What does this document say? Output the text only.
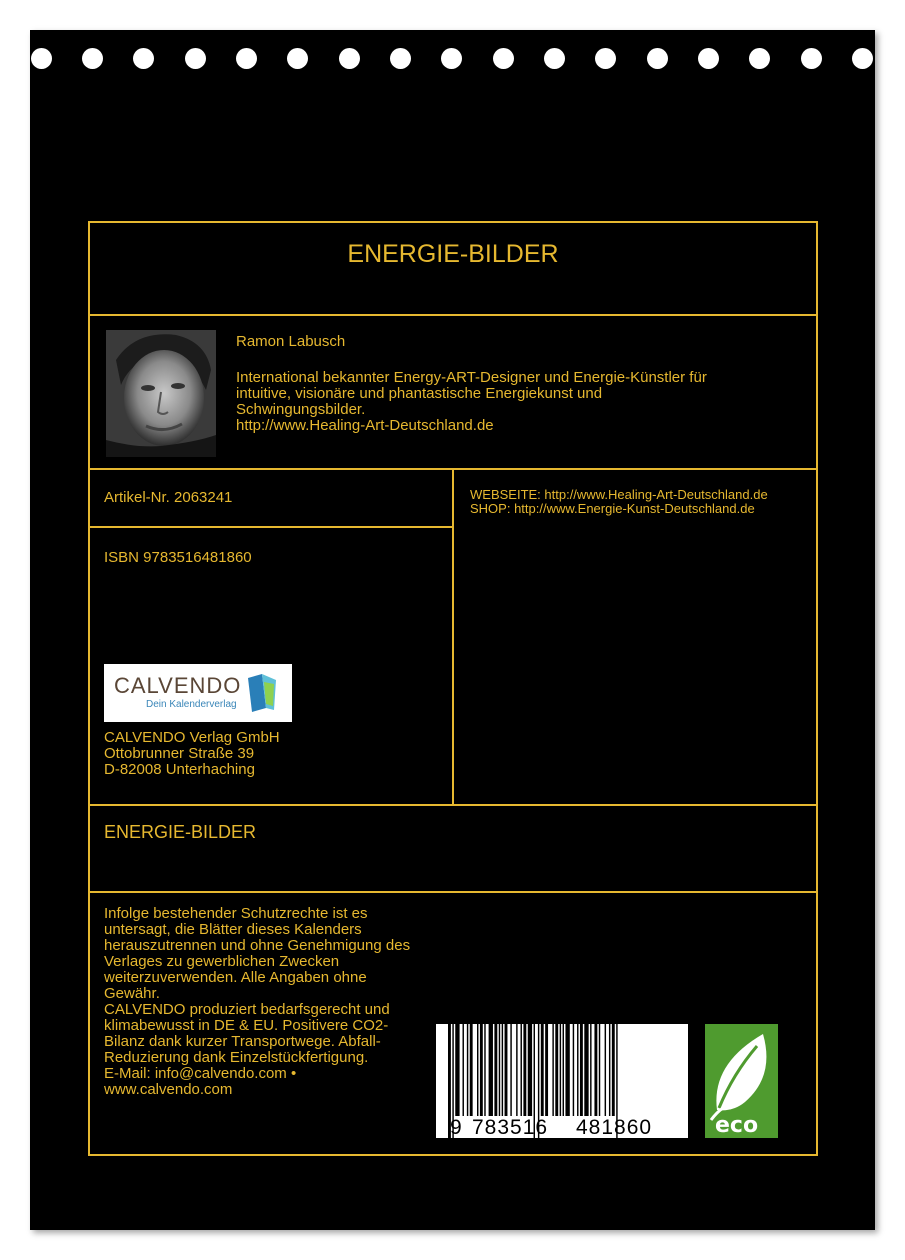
ENERGIE-BILDER
Ramon Labusch
International bekannter Energy-ART-Designer und Energie-Künstler für
intuitive, visionäre und phantastische Energiekunst und
Schwingungsbilder.
http://www.Healing-Art-Deutschland.de
Artikel-Nr. 2063241
ISBN 9783516481860
WEBSEITE: http://www.Healing-Art-Deutschland.de
SHOP: http://www.Energie-Kunst-Deutschland.de
CALVENDO
Dein Kalenderverlag
CALVENDO Verlag GmbH
Ottobrunner Straße 39
D-82008 Unterhaching
ENERGIE-BILDER
Infolge bestehender Schutzrechte ist es
untersagt, die Blätter dieses Kalenders
herauszutrennen und ohne Genehmigung des
Verlages zu gewerblichen Zwecken
weiterzuverwenden. Alle Angaben ohne
Gewähr.
CALVENDO produziert bedarfsgerecht und
klimabewusst in DE & EU. Positivere CO2-
Bilanz dank kurzer Transportwege. Abfall-
Reduzierung dank Einzelstückfertigung.
E-Mail: info@calvendo.com •
www.calvendo.com
9 783516 481860	eco
